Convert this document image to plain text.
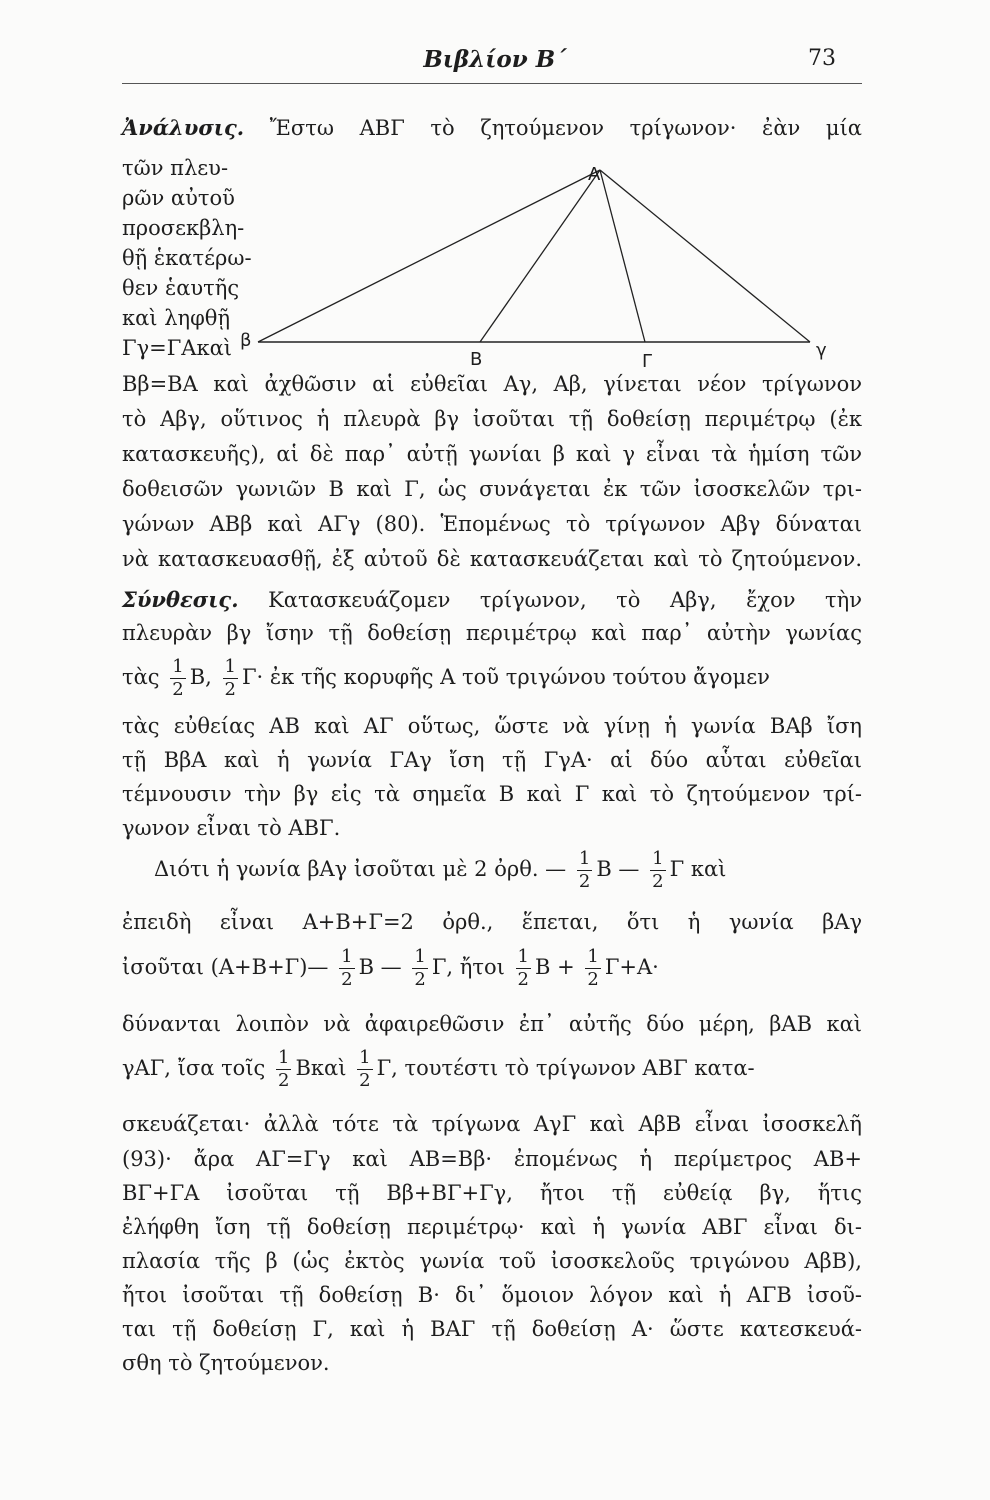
Βιβλίον Β΄	73
A
B	Γ
β	γ
Ἀνάλυσις. Ἔστω ΑΒΓ τὸ ζητούμενον τρίγωνον· ἐὰν μία
τῶν πλευ-
ρῶν αὐτοῦ
προσεκβλη-
θῇ ἑκατέρω-
θεν ἑαυτῆς
καὶ ληφθῇ
Γγ=ΓΑκαὶ
Ββ=ΒΑ καὶ ἀχθῶσιν αἱ εὐθεῖαι Αγ, Αβ, γίνεται νέον τρίγωνον
τὸ Αβγ, οὕτινος ἡ πλευρὰ βγ ἰσοῦται τῇ δοθείσῃ περιμέτρῳ (ἐκ
κατασκευῆς), αἱ δὲ παρ᾽ αὐτῇ γωνίαι β καὶ γ εἶναι τὰ ἡμίση τῶν
δοθεισῶν γωνιῶν Β καὶ Γ, ὡς συνάγεται ἐκ τῶν ἰσοσκελῶν τρι-
γώνων ΑΒβ καὶ ΑΓγ (80). Ἑπομένως τὸ τρίγωνον Αβγ δύναται
νὰ κατασκευασθῇ, ἐξ αὐτοῦ δὲ κατασκευάζεται καὶ τὸ ζητούμενον.
Σύνθεσις. Κατασκευάζομεν τρίγωνον, τὸ Αβγ, ἔχον τὴν
πλευρὰν βγ ἴσην τῇ δοθείσῃ περιμέτρῳ καὶ παρ᾽ αὐτὴν γωνίας
τὰς $\frac{1}{2} B$, $\frac{1}{2} \Gamma\cdot$ ἐκ τῆς κορυφῆς Α τοῦ τριγώνου τούτου ἄγομεν
τὰς εὐθείας ΑΒ καὶ ΑΓ οὕτως, ὥστε νὰ γίνῃ ἡ γωνία ΒΑβ ἴση
τῇ ΒβΑ καὶ ἡ γωνία ΓΑγ ἴση τῇ ΓγΑ· αἱ δύο αὗται εὐθεῖαι
τέμνουσιν τὴν βγ εἰς τὰ σημεῖα Β καὶ Γ καὶ τὸ ζητούμενον τρί-
γωνον εἶναι τὸ ΑΒΓ.
Διότι ἡ γωνία βΑγ ἰσοῦται μὲ 2 ὀρθ. — $\frac{1}{2}$ Β — $\frac{1}{2}$ Γ καὶ
ἐπειδὴ εἶναι Α+Β+Γ=2 ὀρθ., ἕπεται, ὅτι ἡ γωνία βΑγ
ἰσοῦται (Α+Β+Γ)— $\frac{1}{2}$ Β — $\frac{1}{2} \Gamma$, ἤτοι $\frac{1}{2}$ $B + \frac{1}{2} \Gamma+A\cdot$
δύνανται λοιπὸν νὰ ἀφαιρεθῶσιν ἐπ᾽ αὐτῆς δύο μέρη, βΑΒ καὶ
γΑΓ, ἴσα τοῖς $\frac{1}{2}$ Βκαὶ $\frac{1}{2} \Gamma$, τουτέστι τὸ τρίγωνον ΑΒΓ κατα-
σκευάζεται· ἀλλὰ τότε τὰ τρίγωνα ΑγΓ καὶ ΑβΒ εἶναι ἰσοσκελῆ
(93)· ἄρα ΑΓ=Γγ καὶ ΑΒ=Ββ· ἐπομένως ἡ περίμετρος ΑΒ+
ΒΓ+ΓΑ ἰσοῦται τῇ Ββ+ΒΓ+Γγ, ἤτοι τῇ εὐθείᾳ βγ, ἥτις
ἐλήφθη ἴση τῇ δοθείσῃ περιμέτρῳ· καὶ ἡ γωνία ΑΒΓ εἶναι δι-
πλασία τῆς β (ὡς ἐκτὸς γωνία τοῦ ἰσοσκελοῦς τριγώνου ΑβΒ),
ἤτοι ἰσοῦται τῇ δοθείσῃ Β· δι᾽ ὅμοιον λόγον καὶ ἡ ΑΓΒ ἰσοῦ-
ται τῇ δοθείσῃ Γ, καὶ ἡ ΒΑΓ τῇ δοθείσῃ Α· ὥστε κατεσκευά-
σθη τὸ ζητούμενον.
